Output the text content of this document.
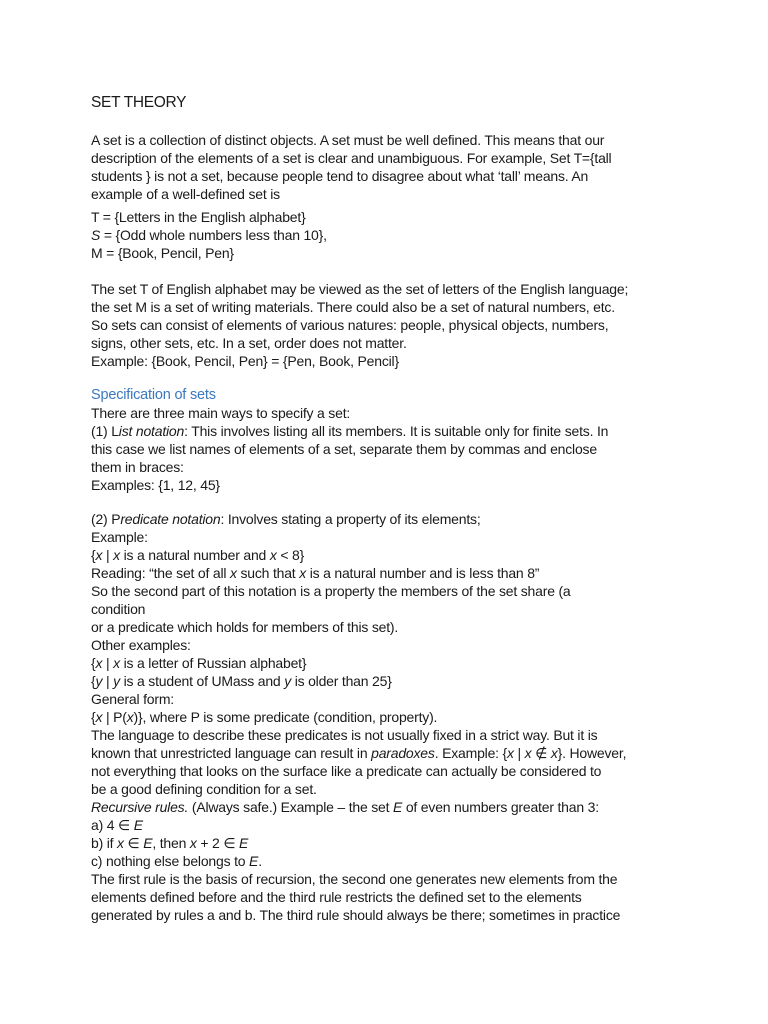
SET THEORY
A set is a collection of distinct objects. A set must be well defined. This means that our
description of the elements of a set is clear and unambiguous. For example, Set T={tall
students } is not a set, because people tend to disagree about what ‘tall’ means. An
example of a well-defined set is
T = {Letters in the English alphabet}
S = {Odd whole numbers less than 10},
M = {Book, Pencil, Pen}
The set T of English alphabet may be viewed as the set of letters of the English language;
the set M is a set of writing materials. There could also be a set of natural numbers, etc.
So sets can consist of elements of various natures: people, physical objects, numbers,
signs, other sets, etc. In a set, order does not matter.
Example: {Book, Pencil, Pen} = {Pen, Book, Pencil}
Specification of sets
There are three main ways to specify a set:
(1) List notation: This involves listing all its members. It is suitable only for finite sets. In
this case we list names of elements of a set, separate them by commas and enclose
them in braces:
Examples: {1, 12, 45}
(2) Predicate notation: Involves stating a property of its elements;
Example:
{x | x is a natural number and x < 8}
Reading: “the set of all x such that x is a natural number and is less than 8”
So the second part of this notation is a property the members of the set share (a
condition
or a predicate which holds for members of this set).
Other examples:
{x | x is a letter of Russian alphabet}
{y | y is a student of UMass and y is older than 25}
General form:
{x | P(x)}, where P is some predicate (condition, property).
The language to describe these predicates is not usually fixed in a strict way. But it is
known that unrestricted language can result in paradoxes. Example: {x | x ∉ x}. However,
not everything that looks on the surface like a predicate can actually be considered to
be a good defining condition for a set.
Recursive rules. (Always safe.) Example – the set E of even numbers greater than 3:
a) 4 ∈ E
b) if x ∈ E, then x + 2 ∈ E
c) nothing else belongs to E.
The first rule is the basis of recursion, the second one generates new elements from the
elements defined before and the third rule restricts the defined set to the elements
generated by rules a and b. The third rule should always be there; sometimes in practice
